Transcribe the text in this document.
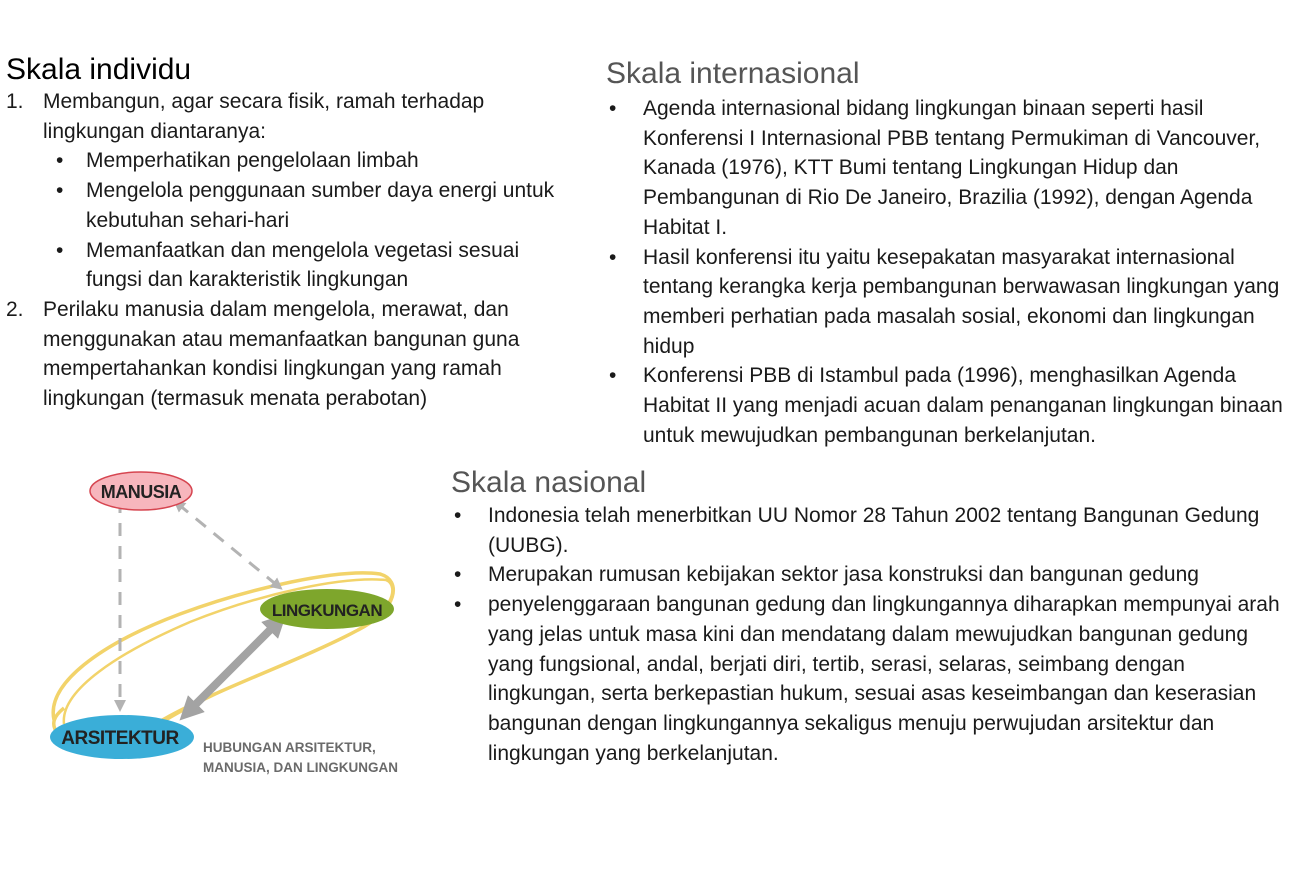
Skala individu
1. Membangun, agar secara fisik, ramah terhadap lingkungan diantaranya:
• Memperhatikan pengelolaan limbah
• Mengelola penggunaan sumber daya energi untuk kebutuhan sehari-hari
• Memanfaatkan dan mengelola vegetasi sesuai fungsi dan karakteristik lingkungan
2. Perilaku manusia dalam mengelola, merawat, dan menggunakan atau memanfaatkan bangunan guna mempertahankan kondisi lingkungan yang ramah lingkungan (termasuk menata perabotan)
Skala internasional
• Agenda internasional bidang lingkungan binaan seperti hasil Konferensi I Internasional PBB tentang Permukiman di Vancouver, Kanada (1976), KTT Bumi tentang Lingkungan Hidup dan Pembangunan di Rio De Janeiro, Brazilia (1992), dengan Agenda Habitat I.
• Hasil konferensi itu yaitu kesepakatan masyarakat internasional tentang kerangka kerja pembangunan berwawasan lingkungan yang memberi perhatian pada masalah sosial, ekonomi dan lingkungan hidup
• Konferensi PBB di Istambul pada (1996), menghasilkan Agenda Habitat II yang menjadi acuan dalam penanganan lingkungan binaan untuk mewujudkan pembangunan berkelanjutan.
Skala nasional
• Indonesia telah menerbitkan UU Nomor 28 Tahun 2002 tentang Bangunan Gedung (UUBG).
• Merupakan rumusan kebijakan sektor jasa konstruksi dan bangunan gedung
• penyelenggaraan bangunan gedung dan lingkungannya diharapkan mempunyai arah yang jelas untuk masa kini dan mendatang dalam mewujudkan bangunan gedung yang fungsional, andal, berjati diri, tertib, serasi, selaras, seimbang dengan lingkungan, serta berkepastian hukum, sesuai asas keseimbangan dan keserasian bangunan dengan lingkungannya sekaligus menuju perwujudan arsitektur dan lingkungan yang berkelanjutan.
MANUSIA
LINGKUNGAN
ARSITEKTUR HUBUNGAN ARSITEKTUR,
MANUSIA, DAN LINGKUNGAN
